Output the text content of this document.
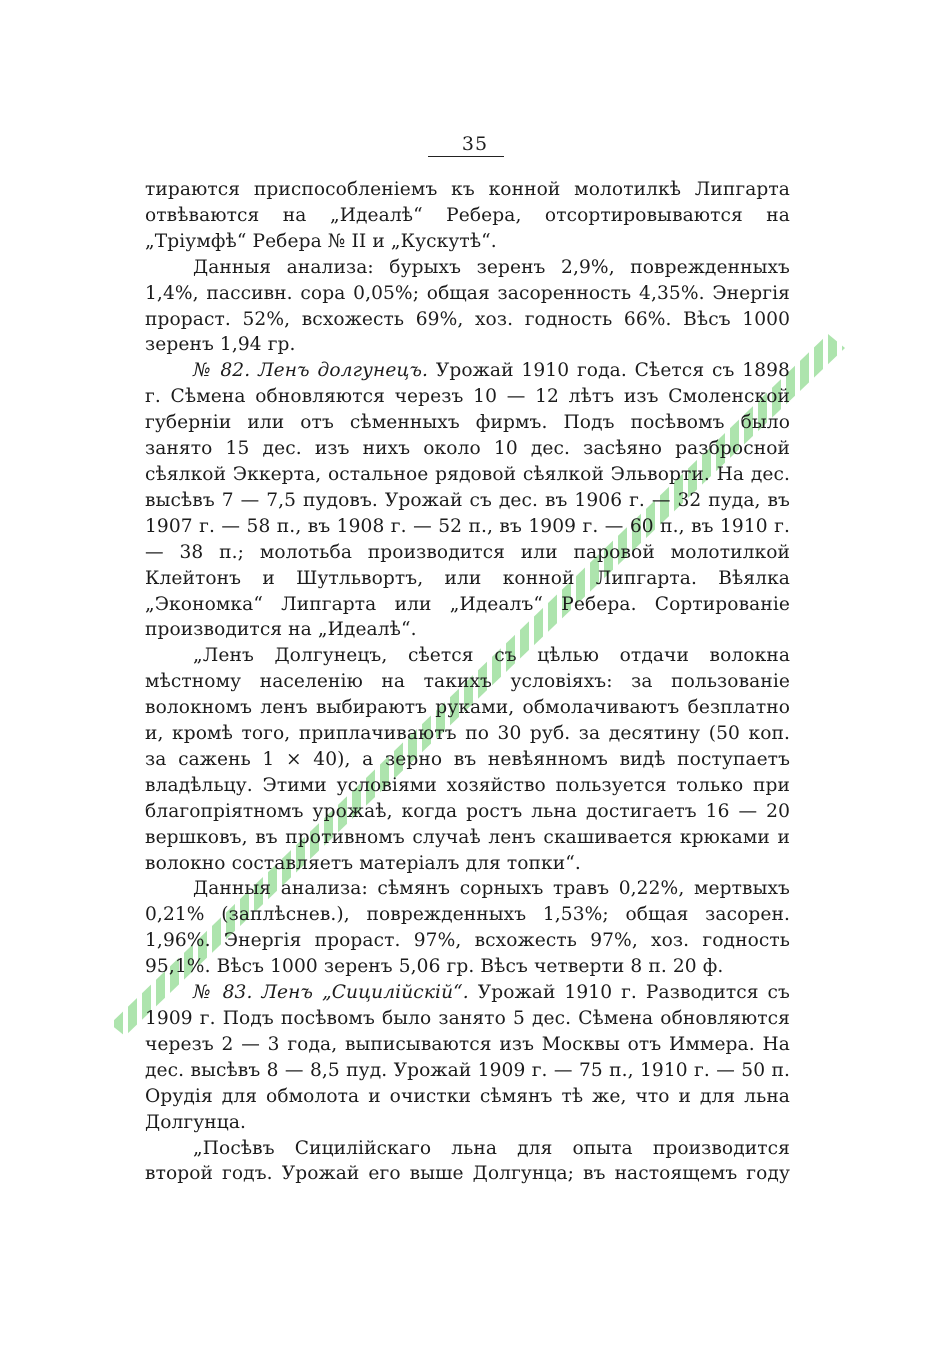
35

тираются приспособленіемъ къ конной молотилкѣ Липгарта отвѣваются на „Идеалѣ“ Ребера, отсортировываются на „Тріумфѣ“ Ребера № II и „Кускутѣ“.

Данныя анализа: бурыхъ зеренъ 2,9%, поврежденныхъ 1,4%, пассивн. сора 0,05%; общая засоренность 4,35%. Энергія прораст. 52%, всхожесть 69%, хоз. годность 66%. Вѣсъ 1000 зеренъ 1,94 гр.

№ 82. Ленъ долгунецъ. Урожай 1910 года. Сѣется съ 1898 г. Сѣмена обновляются черезъ 10 — 12 лѣтъ изъ Смоленской губерніи или отъ сѣменныхъ фирмъ. Подъ посѣвомъ было занято 15 дес. изъ нихъ около 10 дес. засѣяно разбросной сѣялкой Эккерта, остальное рядовой сѣялкой Эльворти. На дес. высѣвъ 7 — 7,5 пудовъ. Урожай съ дес. въ 1906 г. — 32 пуда, въ 1907 г. — 58 п., въ 1908 г. — 52 п., въ 1909 г. — 60 п., въ 1910 г. — 38 п.; молотьба производится или паровой молотилкой Клейтонъ и Шутльвортъ, или конной Липгарта. Вѣялка „Экономка“ Липгарта или „Идеалъ“ Ребера. Сортированіе производится на „Идеалѣ“.

„Ленъ Долгунецъ, сѣется съ цѣлью отдачи волокна мѣстному населенію на такихъ условіяхъ: за пользованіе волокномъ ленъ выбираютъ руками, обмолачиваютъ безплатно и, кромѣ того, приплачиваютъ по 30 руб. за десятину (50 коп. за сажень 1 × 40), а зерно въ невѣянномъ видѣ поступаетъ владѣльцу. Этими условіями хозяйство пользуется только при благопріятномъ урожаѣ, когда ростъ льна достигаетъ 16 — 20 вершковъ, въ противномъ случаѣ ленъ скашивается крюками и волокно составляетъ матеріалъ для топки“.

Данныя анализа: сѣмянъ сорныхъ травъ 0,22%, мертвыхъ 0,21% (заплѣснев.), поврежденныхъ 1,53%; общая засорен. 1,96%. Энергія прораст. 97%, всхожесть 97%, хоз. годность 95,1%. Вѣсъ 1000 зеренъ 5,06 гр. Вѣсъ четверти 8 п. 20 ф.

№ 83. Ленъ „Сицилійскій“. Урожай 1910 г. Разводится съ 1909 г. Подъ посѣвомъ было занято 5 дес. Сѣмена обновляются черезъ 2 — 3 года, выписываются изъ Москвы отъ Иммера. На дес. высѣвъ 8 — 8,5 пуд. Урожай 1909 г. — 75 п., 1910 г. — 50 п. Орудія для обмолота и очистки сѣмянъ тѣ же, что и для льна Долгунца.

„Посѣвъ Сицилійскаго льна для опыта производится второй годъ. Урожай его выше Долгунца; въ настоящемъ году
